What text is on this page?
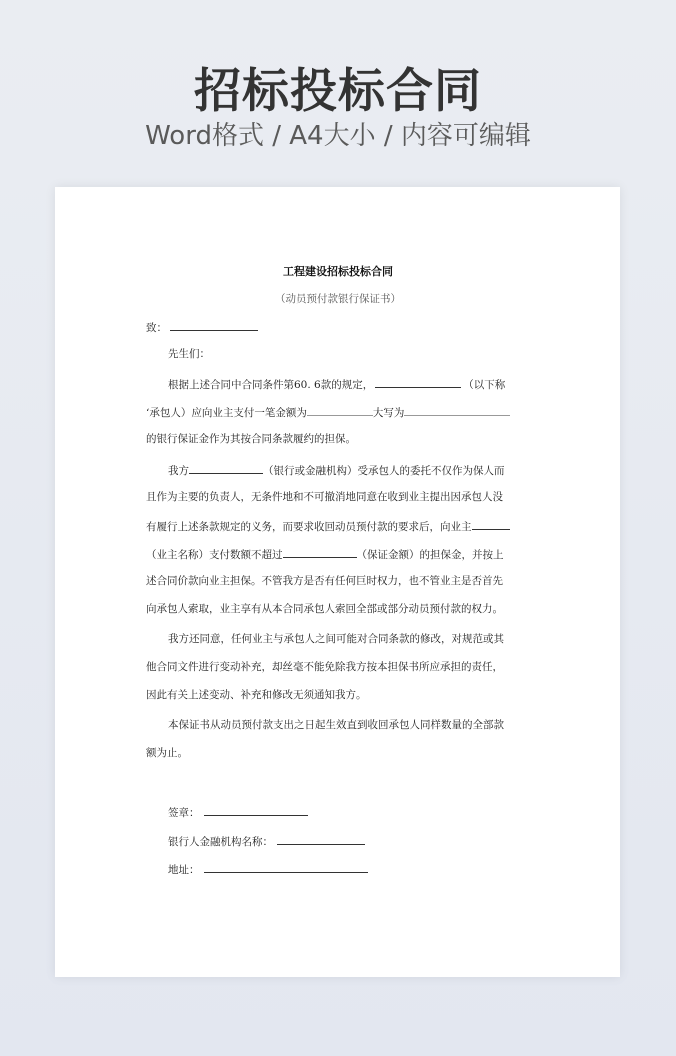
招标投标合同
Word格式 / A4大小 / 内容可编辑
工程建设招标投标合同
（动员预付款银行保证书）
致：
先生们：
根据上述合同中合同条件第60. 6款的规定，	（以下称
‘承包人）应向业主支付一笔金额为	大写为
的银行保证金作为其按合同条款履约的担保。
我方	（银行或金融机构）受承包人的委托不仅作为保人而
且作为主要的负责人，无条件地和不可撤消地同意在收到业主提出因承包人没
有履行上述条款规定的义务，而要求收回动员预付款的要求后，向业主
（业主名称）支付数额不超过	（保证金额）的担保金，并按上
述合同价款向业主担保。不管我方是否有任何巨时权力，也不管业主是否首先
向承包人索取，业主享有从本合同承包人索回全部或部分动员预付款的权力。
我方还同意，任何业主与承包人之间可能对合同条款的修改，对规范或其
他合同文件进行变动补充，却丝毫不能免除我方按本担保书所应承担的责任，
因此有关上述变动、补充和修改无须通知我方。
本保证书从动员预付款支出之日起生效直到收回承包人同样数量的全部款
额为止。
签章：
银行人金融机构名称：
地址：
